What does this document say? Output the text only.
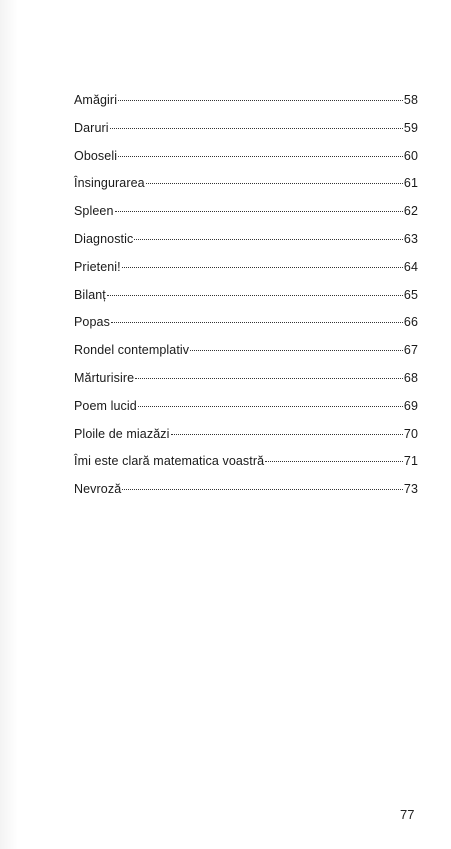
Amăgiri	58
Daruri	59
Oboseli	60
Însingurarea	61
Spleen	62
Diagnostic	63
Prieteni!	64
Bilanț	65
Popas	66
Rondel contemplativ	67
Mărturisire	68
Poem lucid	69
Ploile de miazăzi	70
Îmi este clară matematica voastră	71
Nevroză	73
77
